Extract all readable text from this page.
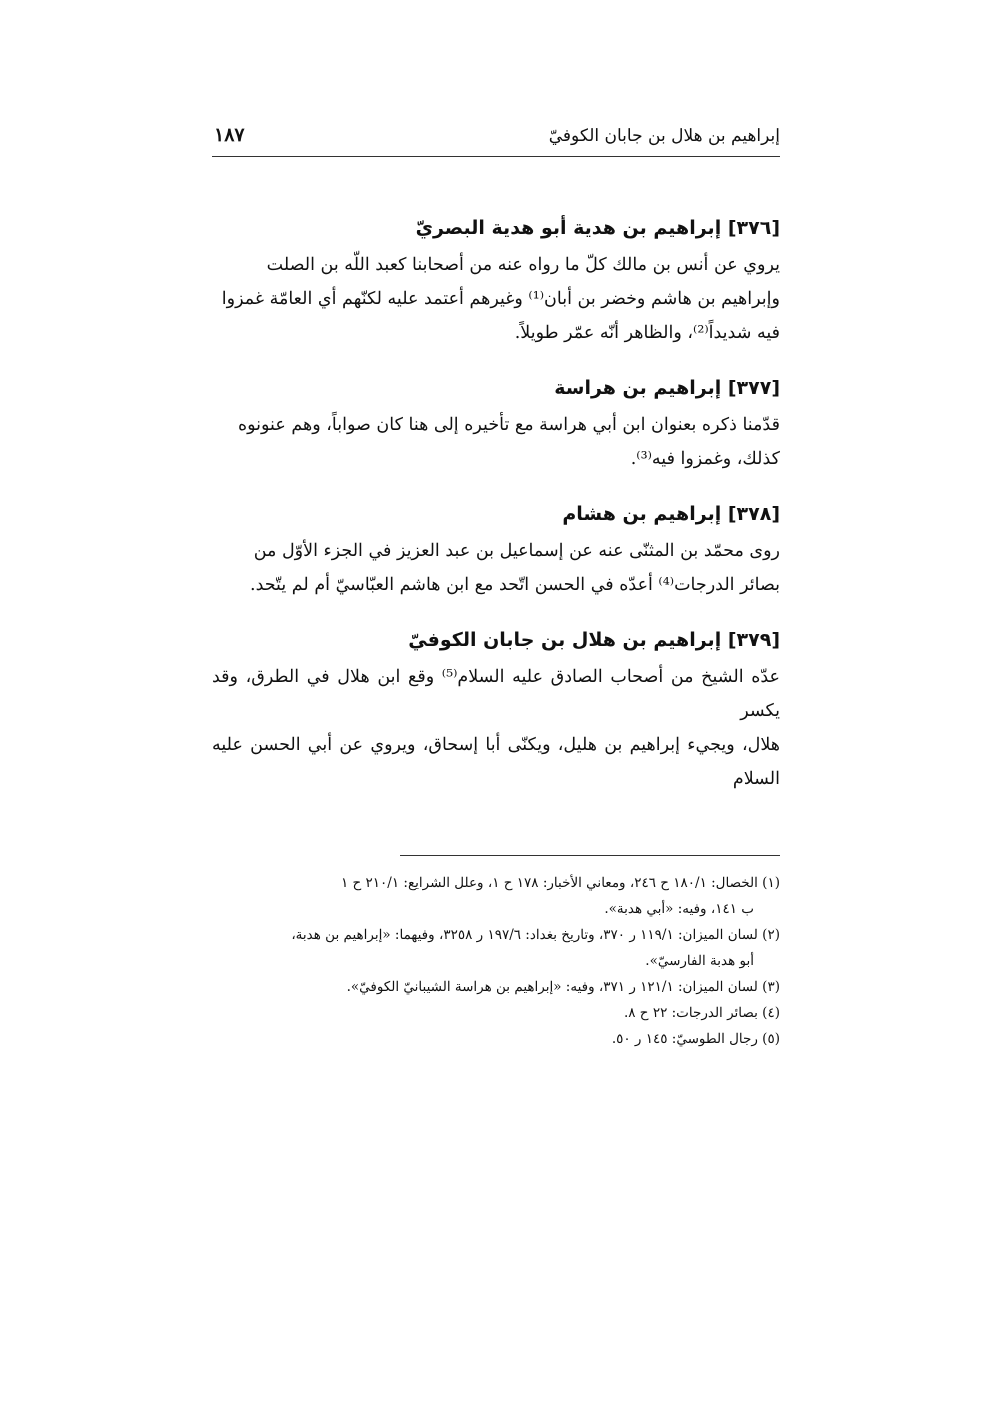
إبراهيم بن هلال بن جابان الكوفيّ
١٨٧
[٣٧٦] إبراهيم بن هدية أبو هدية البصريّ

يروي عن أنس بن مالك كلّ ما رواه عنه من أصحابنا كعبد اللّه بن الصلت

وإبراهيم بن هاشم وخضر بن أبان⁽¹⁾ وغيرهم أعتمد عليه لكنّهم أي العامّة غمزوا

فيه شديداً⁽²⁾، والظاهر أنّه عمّر طويلاً.

[٣٧٧] إبراهيم بن هراسة

قدّمنا ذكره بعنوان ابن أبي هراسة مع تأخيره إلى هنا كان صواباً، وهم عنونوه

كذلك، وغمزوا فيه⁽³⁾.

[٣٧٨] إبراهيم بن هشام

روى محمّد بن المثنّى عنه عن إسماعيل بن عبد العزيز في الجزء الأوّل من

بصائر الدرجات⁽⁴⁾ أعدّه في الحسن اتّحد مع ابن هاشم العبّاسيّ أم لم يتّحد.

[٣٧٩] إبراهيم بن هلال بن جابان الكوفيّ

عدّه الشيخ من أصحاب الصادق عليه السلام⁽⁵⁾ وقع ابن هلال في الطرق، وقد يكسر

هلال، ويجيء إبراهيم بن هليل، ويكنّى أبا إسحاق، ويروي عن أبي الحسن عليه السلام

(١) الخصال: ١٨٠/١ ح ٢٤٦، ومعاني الأخبار: ١٧٨ ح ١، وعلل الشرايع: ٢١٠/١ ح ١

ب ١٤١، وفيه: «أبي هدبة».

(٢) لسان الميزان: ١١٩/١ ر ٣٧٠، وتاريخ بغداد: ١٩٧/٦ ر ٣٢٥٨، وفيهما: «إبراهيم بن هدبة،

أبو هدبة الفارسيّ».

(٣) لسان الميزان: ١٢١/١ ر ٣٧١، وفيه: «إبراهيم بن هراسة الشيبانيّ الكوفيّ».

(٤) بصائر الدرجات: ٢٢ ح ٨.

(٥) رجال الطوسيّ: ١٤٥ ر ٥٠.
